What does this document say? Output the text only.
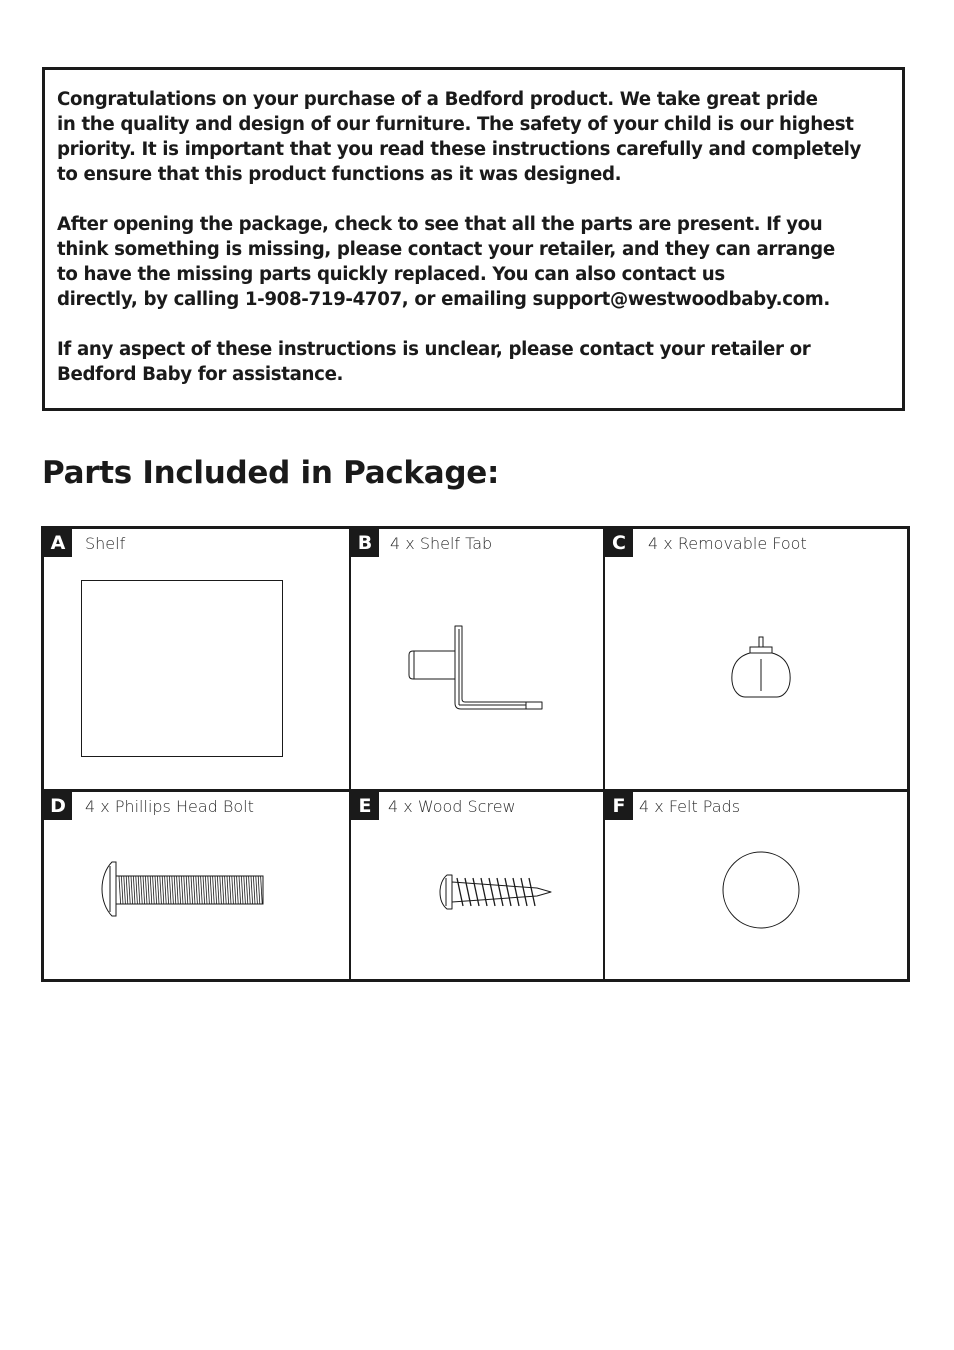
Congratulations on your purchase of a Bedford product. We take great pride
in the quality and design of our furniture. The safety of your child is our highest
priority. It is important that you read these instructions carefully and completely
to ensure that this product functions as it was designed.

After opening the package, check to see that all the parts are present. If you
think something is missing, please contact your retailer, and they can arrange
to have the missing parts quickly replaced. You can also contact us
directly, by calling 1-908-719-4707, or emailing support@westwoodbaby.com.

If any aspect of these instructions is unclear, please contact your retailer or
Bedford Baby for assistance.

Parts Included in Package:
A	Shelf	B	4 x Shelf Tab	C	4 x Removable Foot
D	4 x Phillips Head Bolt	E	4 x Wood Screw	F 4 x Felt Pads
